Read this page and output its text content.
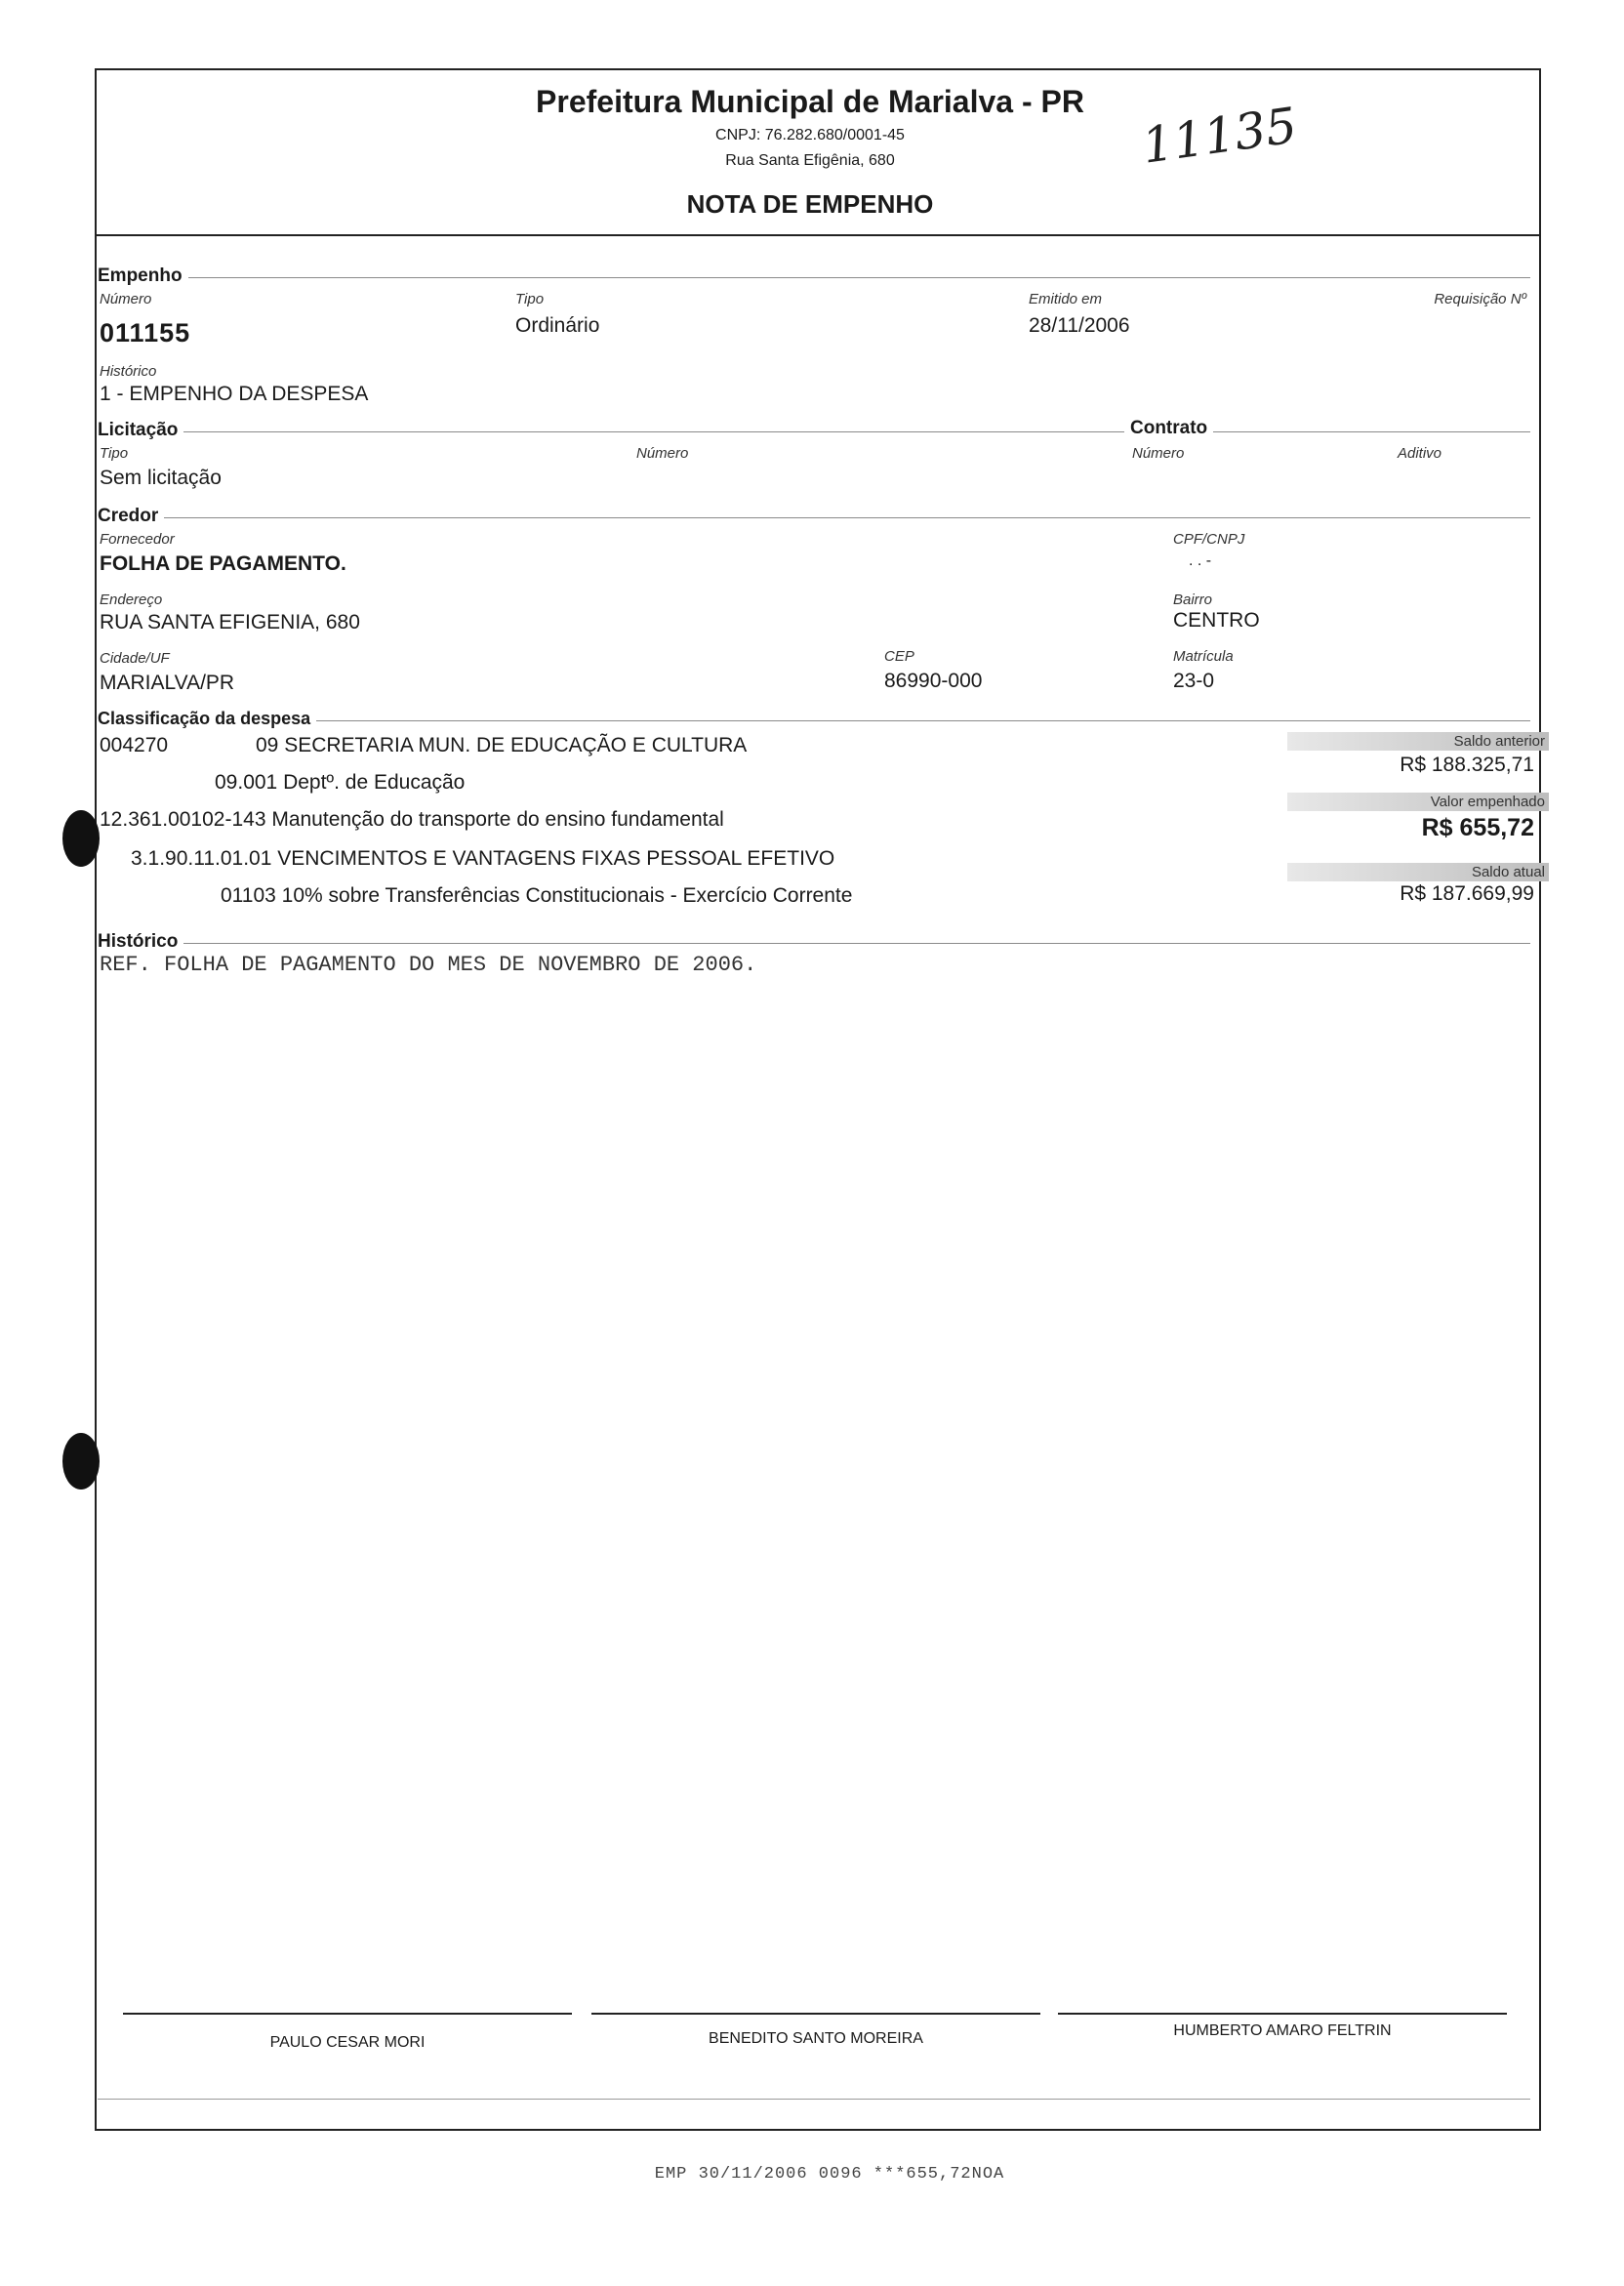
Prefeitura Municipal de Marialva - PR
CNPJ: 76.282.680/0001-45
Rua Santa Efigênia, 680
NOTA DE EMPENHO
11135
Empenho
Número
011155
Tipo
Ordinário
Emitido em
28/11/2006
Requisição Nº
Histórico
1 - EMPENHO DA DESPESA
Licitação	Contrato
Tipo
Sem licitação
Número	Número	Aditivo
Credor
Fornecedor
FOLHA DE PAGAMENTO.
CPF/CNPJ
. . -
Endereço
RUA SANTA EFIGENIA, 680
Bairro
CENTRO
Cidade/UF
MARIALVA/PR
CEP
86990-000
Matrícula
23-0
Classificação da despesa
004270	09 SECRETARIA MUN. DE EDUCAÇÃO E CULTURA
09.001 Deptº. de Educação
12.361.00102-143 Manutenção do transporte do ensino fundamental
3.1.90.11.01.01 VENCIMENTOS E VANTAGENS FIXAS PESSOAL EFETIVO
01103 10% sobre Transferências Constitucionais - Exercício Corrente
Saldo anterior
R$ 188.325,71
Valor empenhado
R$ 655,72
Saldo atual
R$ 187.669,99
Histórico
REF. FOLHA DE PAGAMENTO DO MES DE NOVEMBRO DE 2006.
PAULO CESAR MORI	BENEDITO SANTO MOREIRA	HUMBERTO AMARO FELTRIN
EMP 30/11/2006 0096 ***655,72NOA
